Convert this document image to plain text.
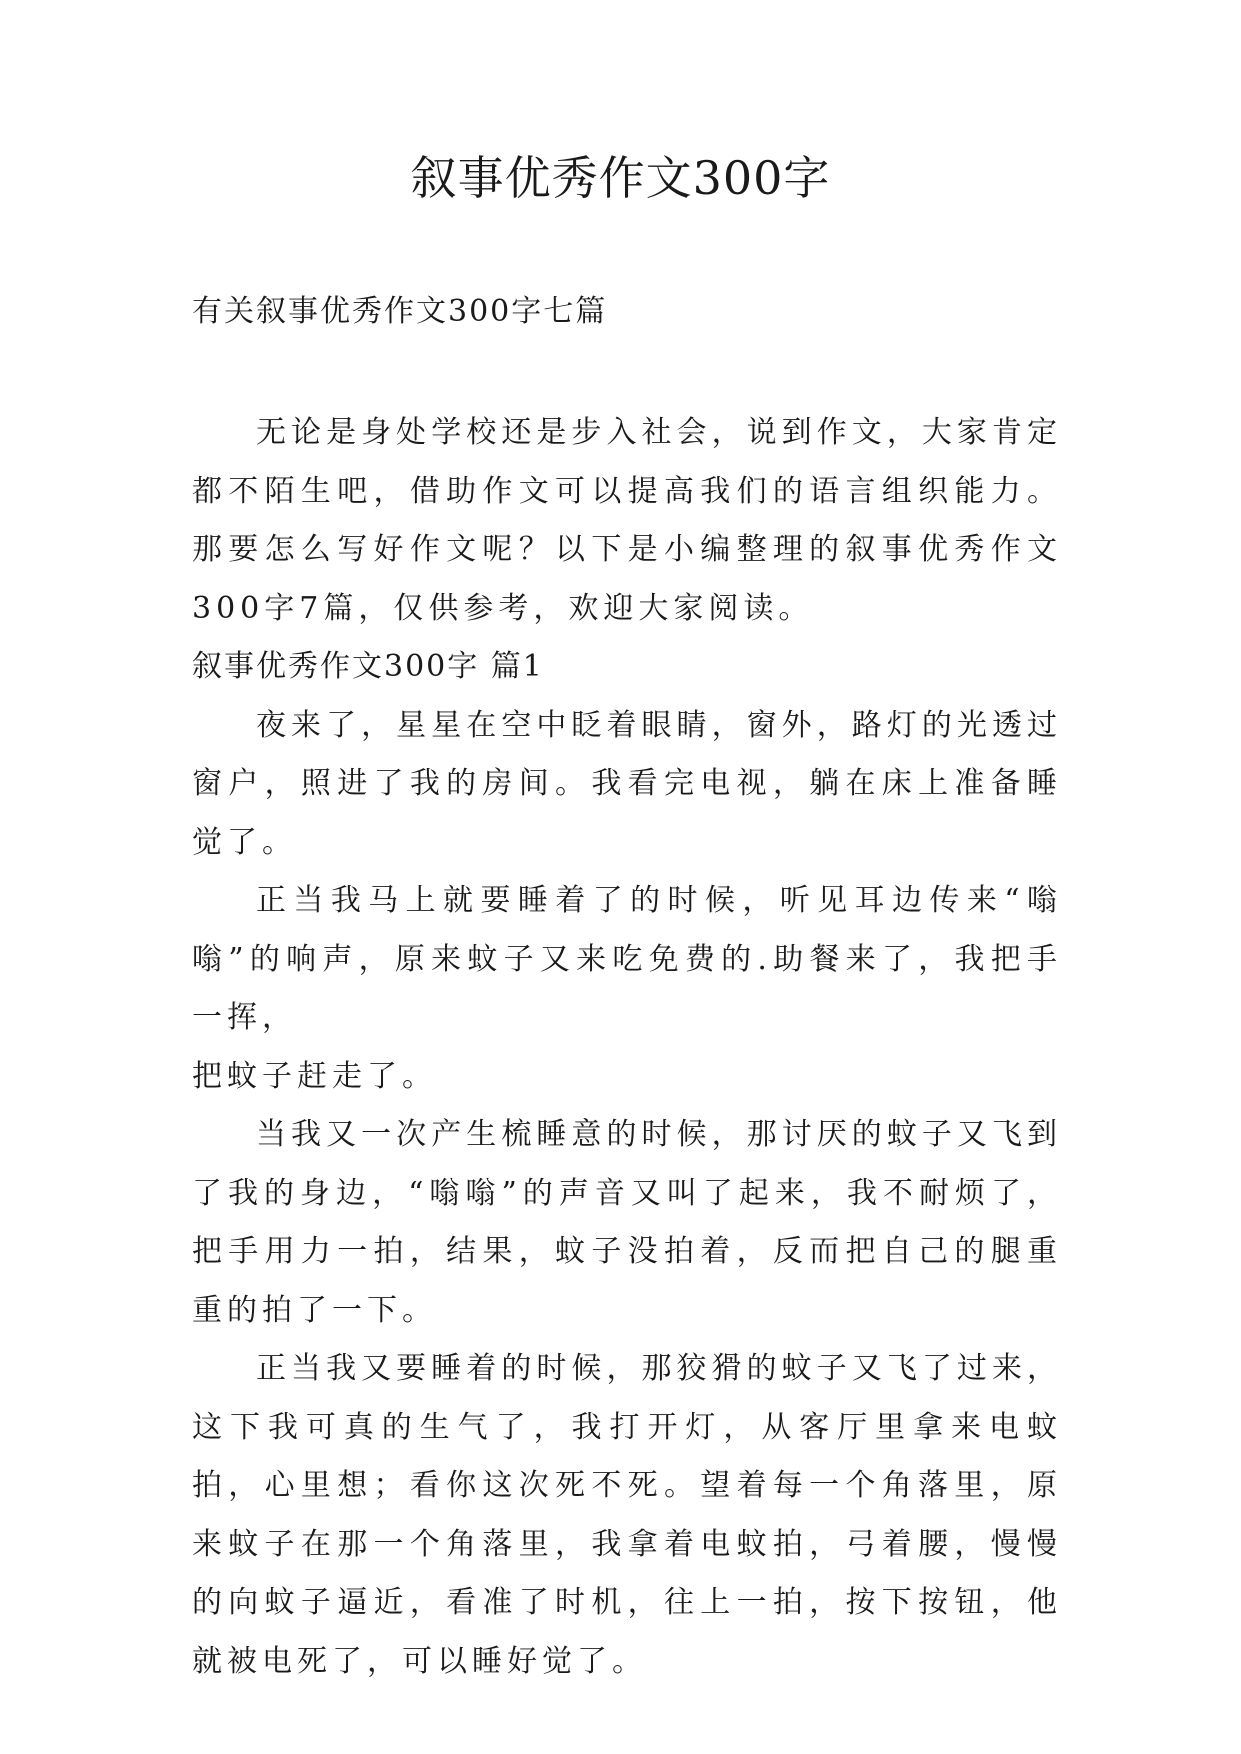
叙事优秀作文300字

有关叙事优秀作文300字七篇

无论是身处学校还是步入社会，说到作文，大家肯定都不陌生吧，借助作文可以提高我们的语言组织能力。那要怎么写好作文呢？以下是小编整理的叙事优秀作文300字7篇，仅供参考，欢迎大家阅读。

叙事优秀作文300字 篇1

夜来了，星星在空中眨着眼睛，窗外，路灯的光透过窗户，照进了我的房间。我看完电视，躺在床上准备睡觉了。

正当我马上就要睡着了的时候，听见耳边传来“嗡嗡”的响声，原来蚊子又来吃免费的.助餐来了，我把手一挥，

把蚊子赶走了。

当我又一次产生梳睡意的时候，那讨厌的蚊子又飞到了我的身边，“嗡嗡”的声音又叫了起来，我不耐烦了，把手用力一拍，结果，蚊子没拍着，反而把自己的腿重重的拍了一下。

正当我又要睡着的时候，那狡猾的蚊子又飞了过来，这下我可真的生气了，我打开灯，从客厅里拿来电蚊拍，心里想；看你这次死不死。望着每一个角落里，原来蚊子在那一个角落里，我拿着电蚊拍，弓着腰，慢慢的向蚊子逼近，看准了时机，往上一拍，按下按钮，他就被电死了，可以睡好觉了。
